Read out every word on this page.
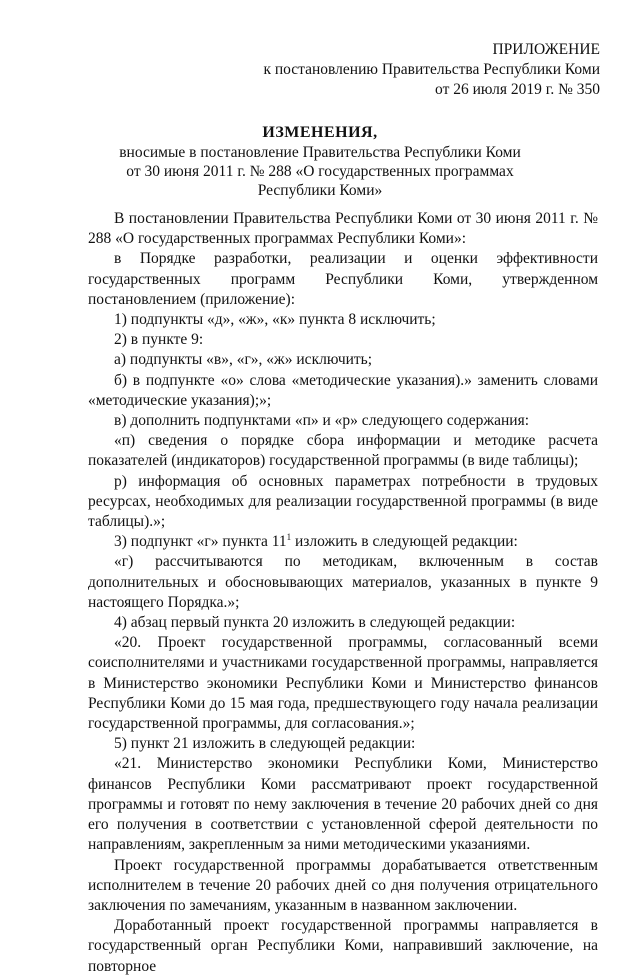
ПРИЛОЖЕНИЕ
к постановлению Правительства Республики Коми
от 26 июля 2019 г. № 350
ИЗМЕНЕНИЯ,
вносимые в постановление Правительства Республики Коми
от 30 июня 2011 г. № 288 «О государственных программах
Республики Коми»

В постановлении Правительства Республики Коми от 30 июня 2011 г. № 288 «О государственных программах Республики Коми»:

в Порядке разработки, реализации и оценки эффективности государственных программ Республики Коми, утвержденном постановлением (приложение):

1) подпункты «д», «ж», «к» пункта 8 исключить;

2) в пункте 9:

а) подпункты «в», «г», «ж» исключить;

б) в подпункте «о» слова «методические указания).» заменить словами «методические указания);»;

в) дополнить подпунктами «п» и «р» следующего содержания:

«п) сведения о порядке сбора информации и методике расчета показателей (индикаторов) государственной программы (в виде таблицы);

р) информация об основных параметрах потребности в трудовых ресурсах, необходимых для реализации государственной программы (в виде таблицы).»;

3) подпункт «г» пункта $11^1$ изложить в следующей редакции:

«г) рассчитываются по методикам, включенным в состав дополнительных и обосновывающих материалов, указанных в пункте 9 настоящего Порядка.»;

4) абзац первый пункта 20 изложить в следующей редакции:

«20. Проект государственной программы, согласованный всеми соисполнителями и участниками государственной программы, направляется в Министерство экономики Республики Коми и Министерство финансов Республики Коми до 15 мая года, предшествующего году начала реализации государственной программы, для согласования.»;

5) пункт 21 изложить в следующей редакции:

«21. Министерство экономики Республики Коми, Министерство финансов Республики Коми рассматривают проект государственной программы и готовят по нему заключения в течение 20 рабочих дней со дня его получения в соответствии с установленной сферой деятельности по направлениям, закрепленным за ними методическими указаниями.

Проект государственной программы дорабатывается ответственным исполнителем в течение 20 рабочих дней со дня получения отрицательного заключения по замечаниям, указанным в названном заключении.

Доработанный проект государственной программы направляется в государственный орган Республики Коми, направивший заключение, на повторное
